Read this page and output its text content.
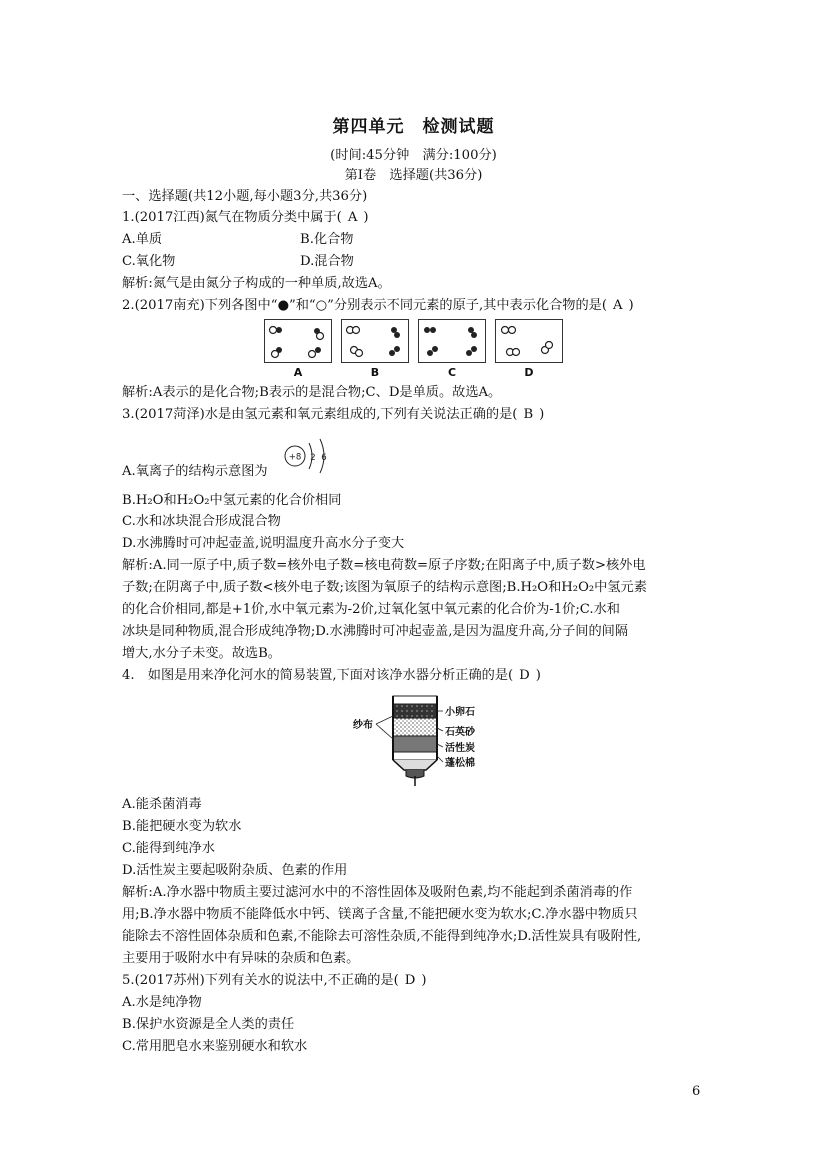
第四单元　检测试题
(时间:45分钟　满分:100分)
第Ⅰ卷　选择题(共36分)
一、选择题(共12小题,每小题3分,共36分)
1.(2017江西)氮气在物质分类中属于( A )
A.单质	B.化合物
C.氧化物	D.混合物
解析:氮气是由氮分子构成的一种单质,故选A。
2.(2017南充)下列各图中“●”和“○”分别表示不同元素的原子,其中表示化合物的是( A )
A	B	C	D
解析:A表示的是化合物;B表示的是混合物;C、D是单质。故选A。
3.(2017菏泽)水是由氢元素和氧元素组成的,下列有关说法正确的是( B )
A.氧离子的结构示意图为
+8 2 6
B.H₂O和H₂O₂中氢元素的化合价相同
C.水和冰块混合形成混合物
D.水沸腾时可冲起壶盖,说明温度升高水分子变大
解析:A.同一原子中,质子数=核外电子数=核电荷数=原子序数;在阳离子中,质子数>核外电
子数;在阴离子中,质子数<核外电子数;该图为氧原子的结构示意图;B.H₂O和H₂O₂中氢元素
的化合价相同,都是+1价,水中氧元素为-2价,过氧化氢中氧元素的化合价为-1价;C.水和
冰块是同种物质,混合形成纯净物;D.水沸腾时可冲起壶盖,是因为温度升高,分子间的间隔
增大,水分子未变。故选B。
4.　如图是用来净化河水的简易装置,下面对该净水器分析正确的是( D )
纱布
小卵石
石英砂
活性炭
蓬松棉
A.能杀菌消毒
B.能把硬水变为软水
C.能得到纯净水
D.活性炭主要起吸附杂质、色素的作用
解析:A.净水器中物质主要过滤河水中的不溶性固体及吸附色素,均不能起到杀菌消毒的作
用;B.净水器中物质不能降低水中钙、镁离子含量,不能把硬水变为软水;C.净水器中物质只
能除去不溶性固体杂质和色素,不能除去可溶性杂质,不能得到纯净水;D.活性炭具有吸附性,
主要用于吸附水中有异味的杂质和色素。
5.(2017苏州)下列有关水的说法中,不正确的是( D )
A.水是纯净物
B.保护水资源是全人类的责任
C.常用肥皂水来鉴别硬水和软水
6
